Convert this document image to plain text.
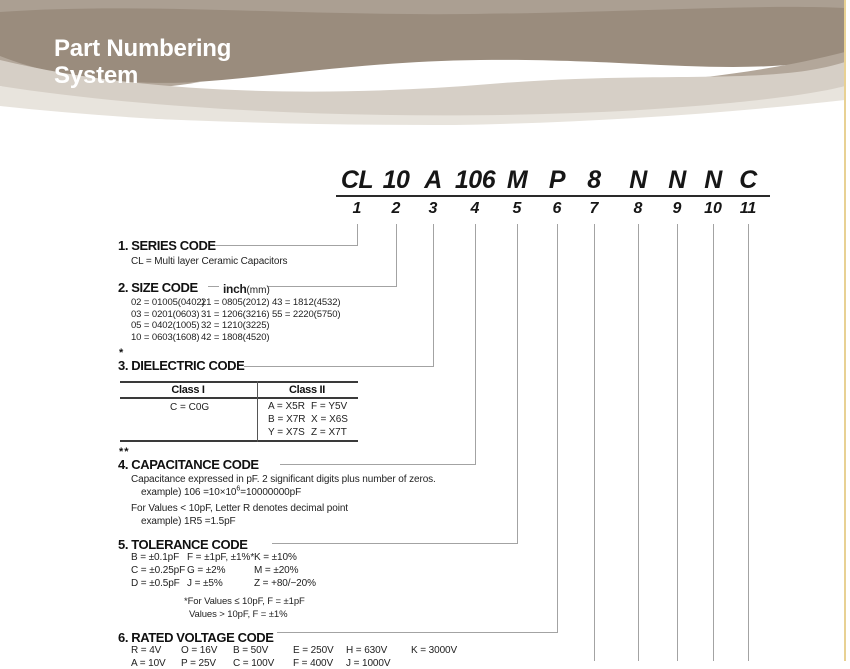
Part Numbering
System
CL 10 A 106 M P 8 N N N C
1 2 3 4 5 6 7 8 9 10 11
1. SERIES CODE
CL = Multi layer Ceramic Capacitors
2. SIZE CODE inch(mm)
02 = 01005(0402)
03 = 0201(0603)
05 = 0402(1005)
10 = 0603(1608)
21 = 0805(2012)
31 = 1206(3216)
32 = 1210(3225)
42 = 1808(4520)
43 = 1812(4532)
55 = 2220(5750)
*
3. DIELECTRIC CODE
Class I	Class II
C = C0G	A = X5R
B = X7R
Y = X7S
F = Y5V
X = X6S
Z = X7T
**
4. CAPACITANCE CODE
Capacitance expressed in pF. 2 significant digits plus number of zeros.
example) $106 =10\times 10^6=10000000pF$
For Values < 10pF, Letter R denotes decimal point
example) 1R5 =1.5pF
5. TOLERANCE CODE
B = ±0.1pF
C = ±0.25pF
D = ±0.5pF
F = ±1pF, ±1%*
G = ±2%
J = ±5%
K = ±10%
M = ±20%
Z = +80/−20%
*For Values ≤ 10pF, F = ±1pF
Values > 10pF, F = ±1%
6. RATED VOLTAGE CODE
R = 4V O = 16V B = 50V E = 250V H = 630V K = 3000V
A = 10V P = 25V C = 100V F = 400V J = 1000V
